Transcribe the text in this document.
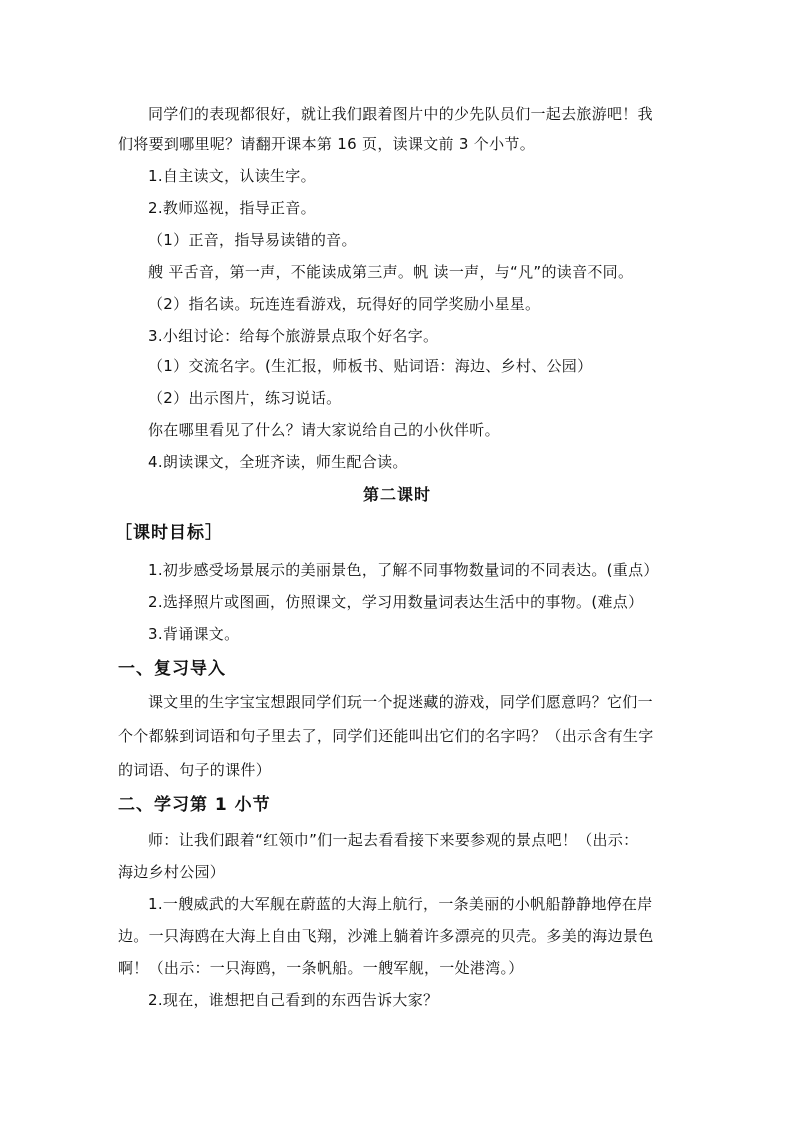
同学们的表现都很好，就让我们跟着图片中的少先队员们一起去旅游吧！我
们将要到哪里呢？请翻开课本第 16 页，读课文前 3 个小节。
1.自主读文，认读生字。
2.教师巡视，指导正音。
（1）正音，指导易读错的音。
艘 平舌音，第一声，不能读成第三声。帆 读一声，与“凡”的读音不同。
（2）指名读。玩连连看游戏，玩得好的同学奖励小星星。
3.小组讨论：给每个旅游景点取个好名字。
（1）交流名字。(生汇报，师板书、贴词语：海边、乡村、公园）
（2）出示图片，练习说话。
你在哪里看见了什么？请大家说给自己的小伙伴听。
4.朗读课文，全班齐读，师生配合读。
第二课时
［课时目标］
1.初步感受场景展示的美丽景色，了解不同事物数量词的不同表达。(重点）
2.选择照片或图画，仿照课文，学习用数量词表达生活中的事物。(难点）
3.背诵课文。
一、复习导入
课文里的生字宝宝想跟同学们玩一个捉迷藏的游戏，同学们愿意吗？它们一
个个都躲到词语和句子里去了，同学们还能叫出它们的名字吗？（出示含有生字
的词语、句子的课件）
二、学习第 1 小节
师：让我们跟着“红领巾”们一起去看看接下来要参观的景点吧！（出示：
海边乡村公园）
1.一艘威武的大军舰在蔚蓝的大海上航行，一条美丽的小帆船静静地停在岸
边。一只海鸥在大海上自由飞翔，沙滩上躺着许多漂亮的贝壳。多美的海边景色
啊！（出示：一只海鸥，一条帆船。一艘军舰，一处港湾。）
2.现在，谁想把自己看到的东西告诉大家？
